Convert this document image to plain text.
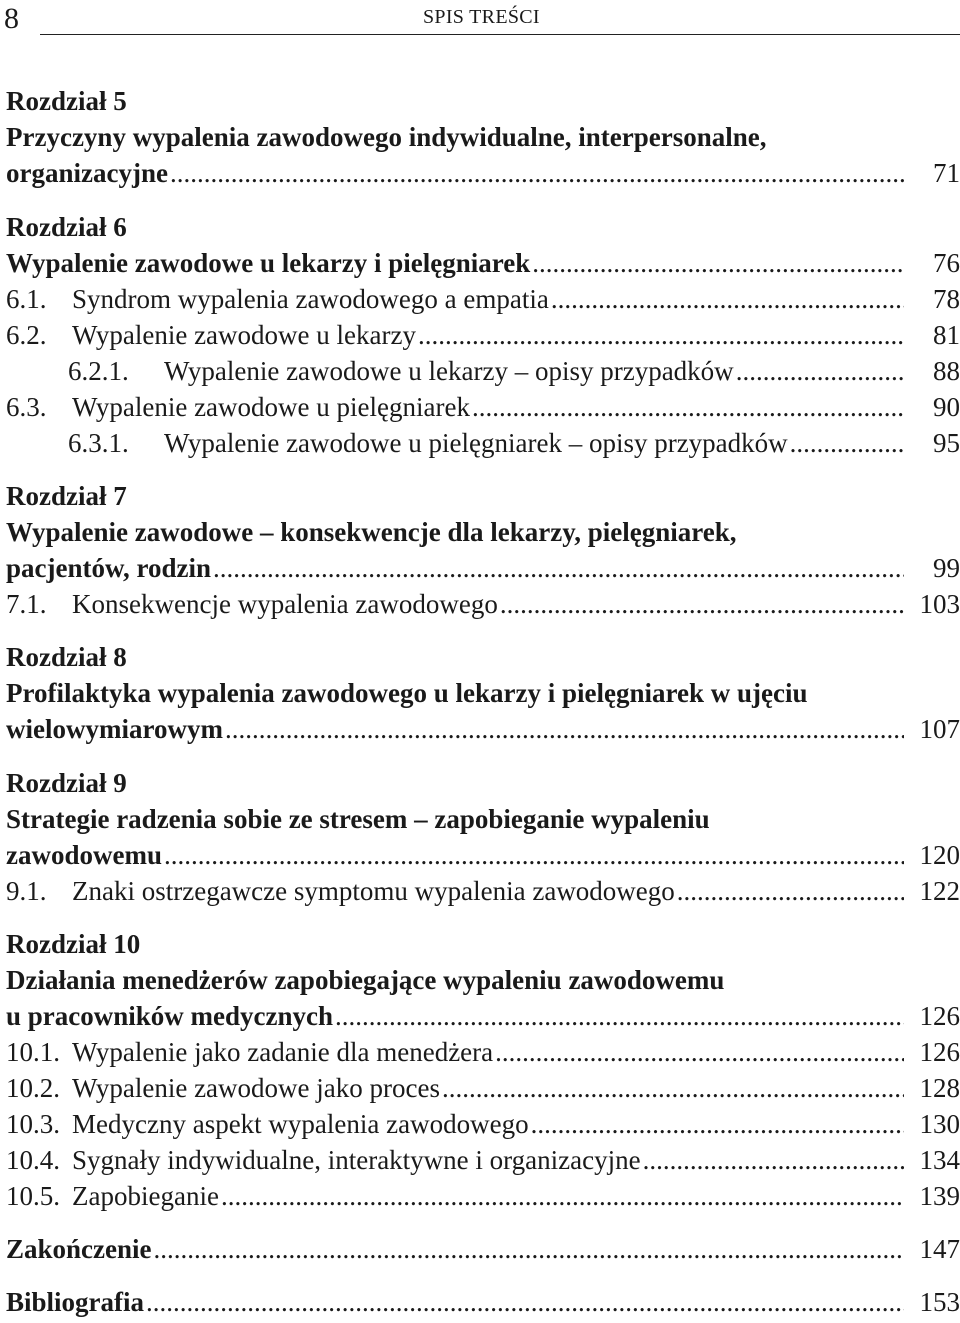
8	SPIS TREŚCI
Rozdział 5
Przyczyny wypalenia zawodowego indywidualne, interpersonalne,
organizacyjne .....	71
Rozdział 6
Wypalenie zawodowe u lekarzy i pielęgniarek .....	76
6.1. Syndrom wypalenia zawodowego a empatia .....	78
6.2. Wypalenie zawodowe u lekarzy .....	81
6.2.1. Wypalenie zawodowe u lekarzy – opisy przypadków .....	88
6.3. Wypalenie zawodowe u pielęgniarek .....	90
6.3.1. Wypalenie zawodowe u pielęgniarek – opisy przypadków .....	95
Rozdział 7
Wypalenie zawodowe – konsekwencje dla lekarzy, pielęgniarek,
pacjentów, rodzin .....	99
7.1. Konsekwencje wypalenia zawodowego .....	103
Rozdział 8
Profilaktyka wypalenia zawodowego u lekarzy i pielęgniarek w ujęciu
wielowymiarowym .....	107
Rozdział 9
Strategie radzenia sobie ze stresem – zapobieganie wypaleniu
zawodowemu .....	120
9.1. Znaki ostrzegawcze symptomu wypalenia zawodowego .....	122
Rozdział 10
Działania menedżerów zapobiegające wypaleniu zawodowemu
u pracowników medycznych .....	126
10.1. Wypalenie jako zadanie dla menedżera .....	126
10.2. Wypalenie zawodowe jako proces .....	128
10.3. Medyczny aspekt wypalenia zawodowego .....	130
10.4. Sygnały indywidualne, interaktywne i organizacyjne .....	134
10.5. Zapobieganie .....	139
Zakończenie .....	147
Bibliografia .....	153
